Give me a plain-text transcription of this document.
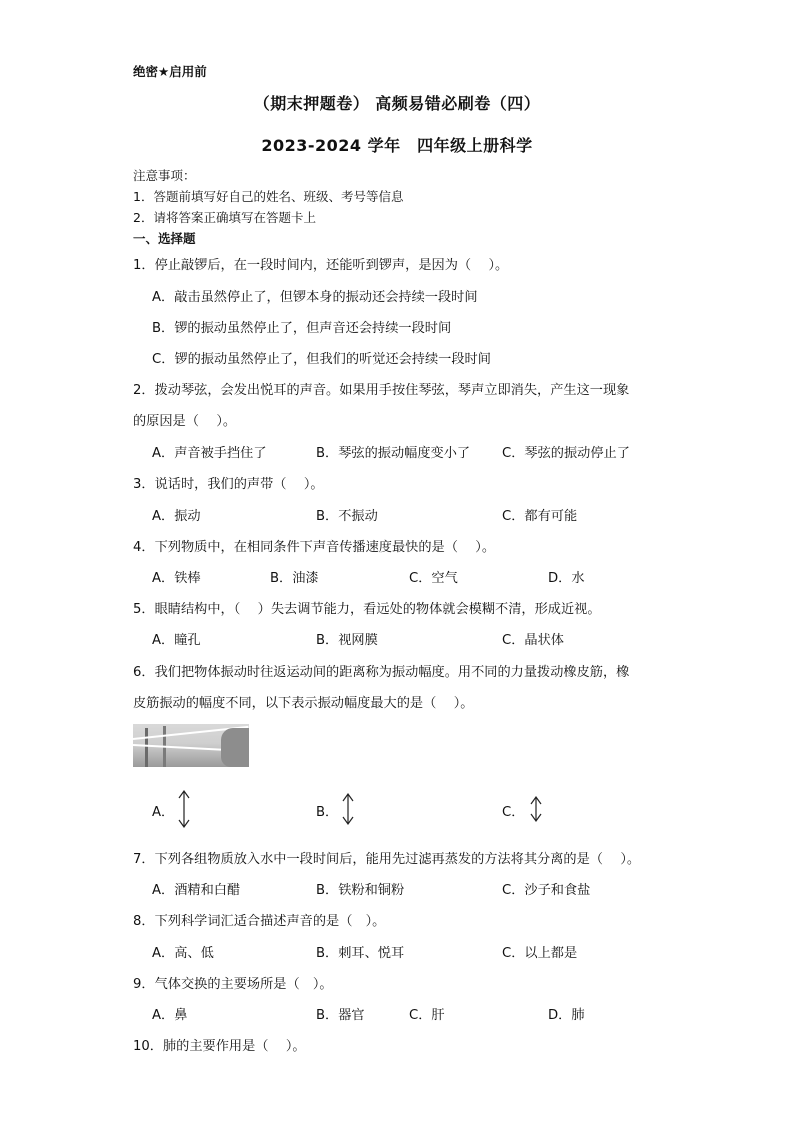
绝密★启用前
（期末押题卷） 高频易错必刷卷（四）
2023-2024 学年　四年级上册科学
注意事项：
1．答题前填写好自己的姓名、班级、考号等信息
2．请将答案正确填写在答题卡上
一、选择题
1．停止敲锣后，在一段时间内，还能听到锣声，是因为（　 ）。
A．敲击虽然停止了，但锣本身的振动还会持续一段时间
B．锣的振动虽然停止了，但声音还会持续一段时间
C．锣的振动虽然停止了，但我们的听觉还会持续一段时间
2．拨动琴弦，会发出悦耳的声音。如果用手按住琴弦，琴声立即消失，产生这一现象
的原因是（　 ）。
A．声音被手挡住了	B．琴弦的振动幅度变小了 C．琴弦的振动停止了
3．说话时，我们的声带（　 ）。
A．振动	B．不振动	C．都有可能
4．下列物质中，在相同条件下声音传播速度最快的是（　 ）。
A．铁棒	B．油漆	C．空气	D．水
5．眼睛结构中，（　 ）失去调节能力，看远处的物体就会模糊不清，形成近视。
A．瞳孔	B．视网膜	C．晶状体
6．我们把物体振动时往返运动间的距离称为振动幅度。用不同的力量拨动橡皮筋，橡
皮筋振动的幅度不同，以下表示振动幅度最大的是（　 ）。
A．	B．	C．
7．下列各组物质放入水中一段时间后，能用先过滤再蒸发的方法将其分离的是（　 ）。
A．酒精和白醋	B．铁粉和铜粉	C．沙子和食盐
8．下列科学词汇适合描述声音的是（　）。
A．高、低	B．刺耳、悦耳	C．以上都是
9．气体交换的主要场所是（　）。
A．鼻	B．器官	C．肝	D．肺
10．肺的主要作用是（　 ）。
